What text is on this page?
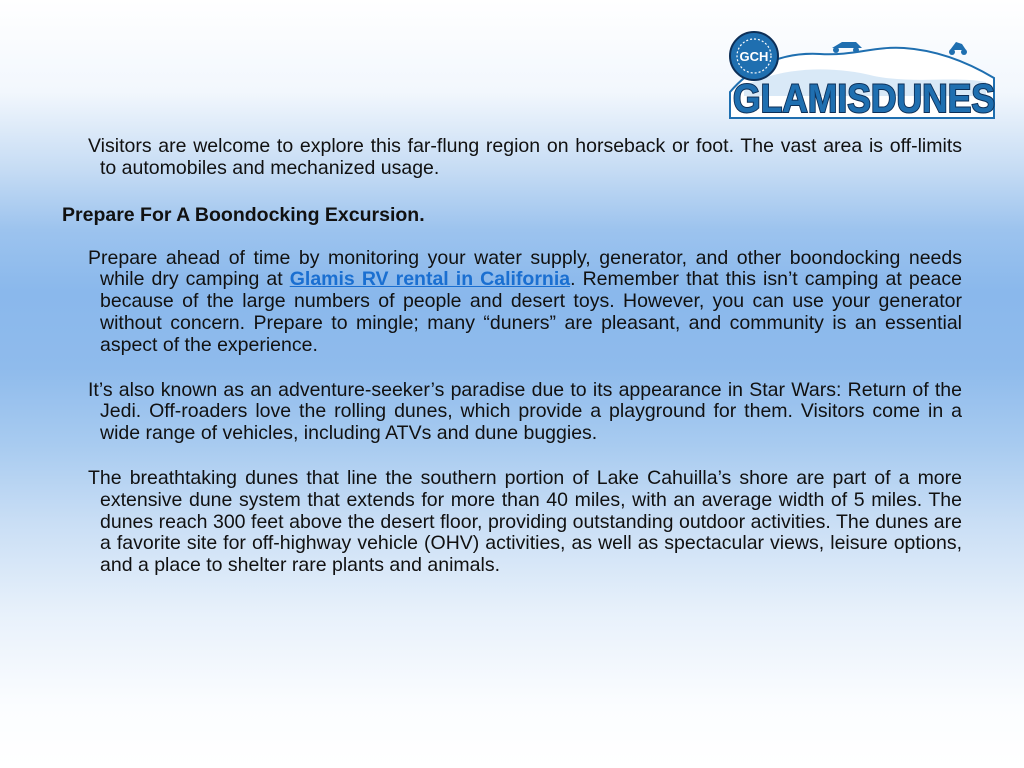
GCH
GLAMISDUNES

Visitors are welcome to explore this far-flung region on horseback or foot. The vast area is off-limits to automobiles and mechanized usage.

Prepare For A Boondocking Excursion.

Prepare ahead of time by monitoring your water supply, generator, and other boondocking needs while dry camping at Glamis RV rental in California. Remember that this isn’t camping at peace because of the large numbers of people and desert toys. However, you can use your generator without concern. Prepare to mingle; many “duners” are pleasant, and community is an essential aspect of the experience.

It’s also known as an adventure-seeker’s paradise due to its appearance in Star Wars: Return of the Jedi. Off-roaders love the rolling dunes, which provide a playground for them. Visitors come in a wide range of vehicles, including ATVs and dune buggies.

The breathtaking dunes that line the southern portion of Lake Cahuilla’s shore are part of a more extensive dune system that extends for more than 40 miles, with an average width of 5 miles. The dunes reach 300 feet above the desert floor, providing outstanding outdoor activities. The dunes are a favorite site for off-highway vehicle (OHV) activities, as well as spectacular views, leisure options, and a place to shelter rare plants and animals.
